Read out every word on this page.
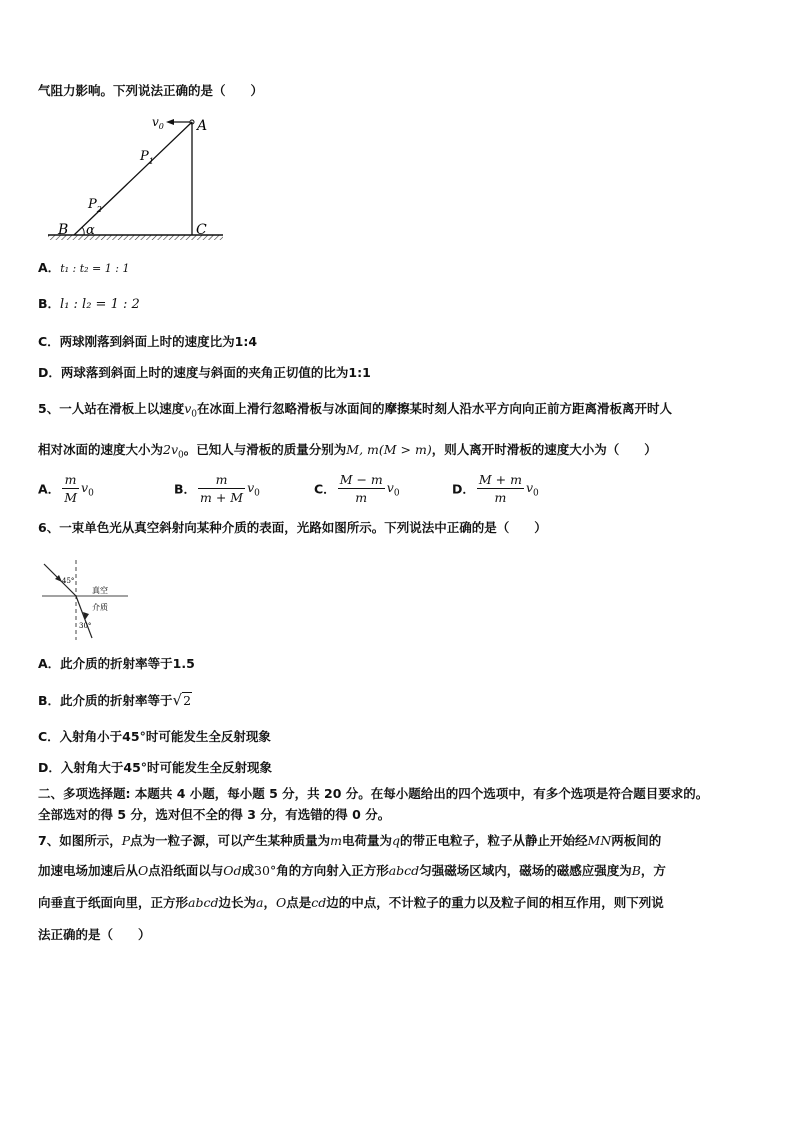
气阻力影响。下列说法正确的是（　　）
$v_0$ A
$P_1$
$P_2$
B α	C
A．t₁ : t₂ = 1 : 1
B．l₁ : l₂ = 1 : 2
C．两球刚落到斜面上时的速度比为1:4
D．两球落到斜面上时的速度与斜面的夹角正切值的比为1:1
5、一人站在滑板上以速度$v_0$在冰面上滑行忽略滑板与冰面间的摩擦某时刻人沿水平方向向正前方距离滑板离开时人
相对冰面的速度大小为$2v_0$。已知人与滑板的质量分别为M, m(M > m)，则人离开时滑板的速度大小为（　　）
A． $\frac{m}{M} v_0$	B． $\frac{m}{m + M} v_0$	C． $\frac{M - m}{m} v_0$	D． $\frac{M + m}{m} v_0$
6、一束单色光从真空斜射向某种介质的表面，光路如图所示。下列说法中正确的是（　　）
45°
30°
真空
介质
A．此介质的折射率等于1.5
B．此介质的折射率等于√2
C．入射角小于45°时可能发生全反射现象
D．入射角大于45°时可能发生全反射现象
二、多项选择题: 本题共 4 小题，每小题 5 分，共 20 分。在每小题给出的四个选项中，有多个选项是符合题目要求的。
全部选对的得 5 分，选对但不全的得 3 分，有选错的得 0 分。
7、如图所示，P点为一粒子源，可以产生某种质量为m电荷量为q的带正电粒子，粒子从静止开始经MN两板间的
加速电场加速后从O点沿纸面以与Od成30°角的方向射入正方形abcd匀强磁场区域内，磁场的磁感应强度为B，方
向垂直于纸面向里，正方形abcd边长为a，O点是cd边的中点，不计粒子的重力以及粒子间的相互作用，则下列说
法正确的是（　　）
